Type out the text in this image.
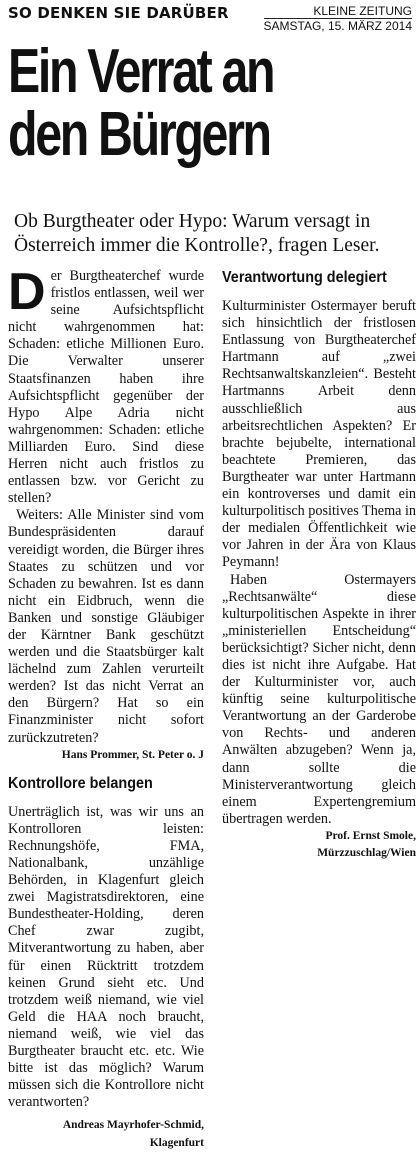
SO DENKEN SIE DARÜBER	KLEINE ZEITUNG
SAMSTAG, 15. MÄRZ 2014
Ein Verrat an
den Bürgern
Ob Burgtheater oder Hypo: Warum versagt in Österreich immer die Kontrolle?, fragen Leser.
D er Burgtheaterchef wurde fristlos entlassen, weil wer seine Aufsichtspflicht nicht wahrgenommen hat: Schaden: etliche Millionen Euro. Die Verwalter unserer Staatsfinanzen haben ihre Aufsichtspflicht gegenüber der Hypo Alpe Adria nicht wahrgenommen: Schaden: etliche Milliarden Euro. Sind diese Herren nicht auch fristlos zu entlassen bzw. vor Gericht zu stellen?

Weiters: Alle Minister sind vom Bundespräsidenten darauf vereidigt worden, die Bürger ihres Staates zu schützen und vor Schaden zu bewahren. Ist es dann nicht ein Eidbruch, wenn die Banken und sonstige Gläubiger der Kärntner Bank geschützt werden und die Staatsbürger kalt lächelnd zum Zahlen verurteilt werden? Ist das nicht Verrat an den Bürgern? Hat so ein Finanzminister nicht sofort zurückzutreten?

Hans Prommer, St. Peter o. J
Kontrollore belangen

Unerträglich ist, was wir uns an Kontrolloren leisten: Rechnungshöfe, FMA, Nationalbank, unzählige Behörden, in Klagenfurt gleich zwei Magistratsdirektoren, eine Bundestheater-Holding, deren Chef zwar zugibt, Mitverantwortung zu haben, aber für einen Rücktritt trotzdem keinen Grund sieht etc. Und trotzdem weiß niemand, wie viel Geld die HAA noch braucht, niemand weiß, wie viel das Burgtheater braucht etc. etc. Wie bitte ist das möglich? Warum müssen sich die Kontrollore nicht verantworten?

Andreas Mayrhofer-Schmid,
Klagenfurt
Verantwortung delegiert

Kulturminister Ostermayer beruft sich hinsichtlich der fristlosen Entlassung von Burgtheaterchef Hartmann auf „zwei Rechtsanwaltskanzleien“. Besteht Hartmanns Arbeit denn ausschließlich aus arbeitsrechtlichen Aspekten? Er brachte bejubelte, international beachtete Premieren, das Burgtheater war unter Hartmann ein kontroverses und damit ein kulturpolitisch positives Thema in der medialen Öffentlichkeit wie vor Jahren in der Ära von Klaus Peymann!

Haben Ostermayers „Rechtsanwälte“ diese kulturpolitischen Aspekte in ihrer „ministeriellen Entscheidung“ berücksichtigt? Sicher nicht, denn dies ist nicht ihre Aufgabe. Hat der Kulturminister vor, auch künftig seine kulturpolitische Verantwortung an der Garderobe von Rechts- und anderen Anwälten abzugeben? Wenn ja, dann sollte die Ministerverantwortung gleich einem Expertengremium übertragen werden.

Prof. Ernst Smole,
Mürzzuschlag/Wien
